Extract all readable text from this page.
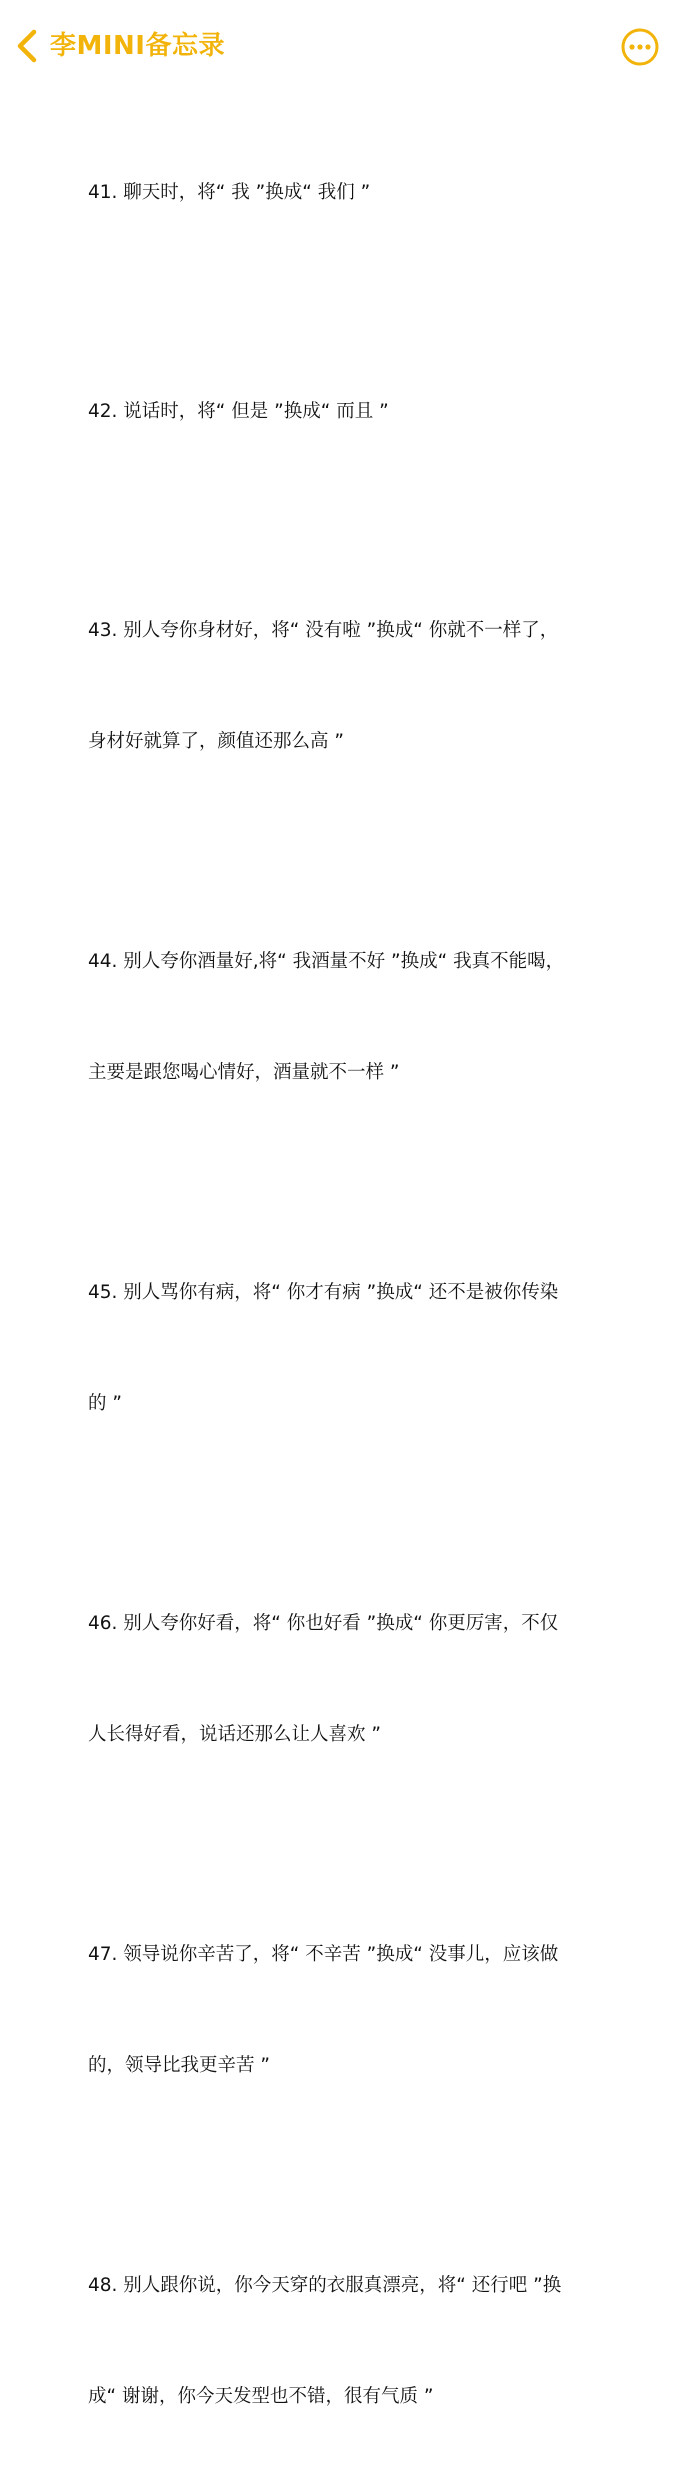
李MINI备忘录

41. 聊天时，将“ 我 ”换成“ 我们 ”

42. 说话时，将“ 但是 ”换成“ 而且 ”

43. 别人夸你身材好，将“ 没有啦 ”换成“ 你就不一样了，

身材好就算了，颜值还那么高 ”

44. 别人夸你酒量好,将“ 我酒量不好 ”换成“ 我真不能喝，

主要是跟您喝心情好，酒量就不一样 ”

45. 别人骂你有病，将“ 你才有病 ”换成“ 还不是被你传染

的 ”

46. 别人夸你好看，将“ 你也好看 ”换成“ 你更厉害，不仅

人长得好看，说话还那么让人喜欢 ”

47. 领导说你辛苦了，将“ 不辛苦 ”换成“ 没事儿，应该做

的，领导比我更辛苦 ”

48. 别人跟你说，你今天穿的衣服真漂亮，将“ 还行吧 ”换

成“ 谢谢，你今天发型也不错，很有气质 ”
